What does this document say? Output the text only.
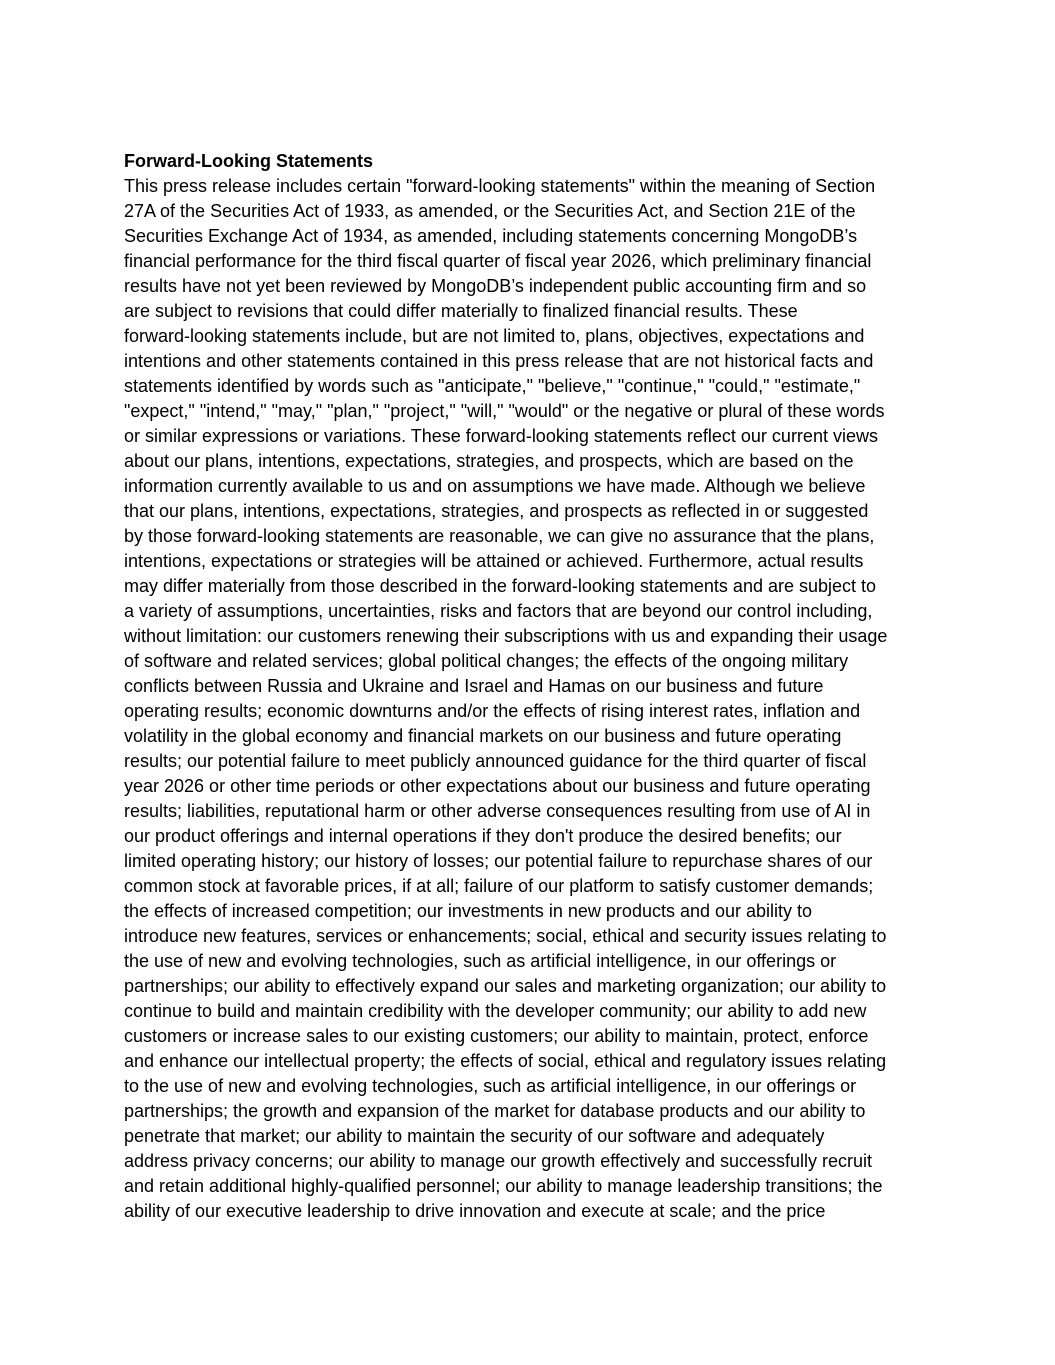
Forward-Looking Statements

This press release includes certain "forward-looking statements" within the meaning of Section
27A of the Securities Act of 1933, as amended, or the Securities Act, and Section 21E of the
Securities Exchange Act of 1934, as amended, including statements concerning MongoDB’s
financial performance for the third fiscal quarter of fiscal year 2026, which preliminary financial
results have not yet been reviewed by MongoDB’s independent public accounting firm and so
are subject to revisions that could differ materially to finalized financial results. These
forward-looking statements include, but are not limited to, plans, objectives, expectations and
intentions and other statements contained in this press release that are not historical facts and
statements identified by words such as "anticipate," "believe," "continue," "could," "estimate,"
"expect," "intend," "may," "plan," "project," "will," "would" or the negative or plural of these words
or similar expressions or variations. These forward-looking statements reflect our current views
about our plans, intentions, expectations, strategies, and prospects, which are based on the
information currently available to us and on assumptions we have made. Although we believe
that our plans, intentions, expectations, strategies, and prospects as reflected in or suggested
by those forward-looking statements are reasonable, we can give no assurance that the plans,
intentions, expectations or strategies will be attained or achieved. Furthermore, actual results
may differ materially from those described in the forward-looking statements and are subject to
a variety of assumptions, uncertainties, risks and factors that are beyond our control including,
without limitation: our customers renewing their subscriptions with us and expanding their usage
of software and related services; global political changes; the effects of the ongoing military
conflicts between Russia and Ukraine and Israel and Hamas on our business and future
operating results; economic downturns and/or the effects of rising interest rates, inflation and
volatility in the global economy and financial markets on our business and future operating
results; our potential failure to meet publicly announced guidance for the third quarter of fiscal
year 2026 or other time periods or other expectations about our business and future operating
results; liabilities, reputational harm or other adverse consequences resulting from use of AI in
our product offerings and internal operations if they don't produce the desired benefits; our
limited operating history; our history of losses; our potential failure to repurchase shares of our
common stock at favorable prices, if at all; failure of our platform to satisfy customer demands;
the effects of increased competition; our investments in new products and our ability to
introduce new features, services or enhancements; social, ethical and security issues relating to
the use of new and evolving technologies, such as artificial intelligence, in our offerings or
partnerships; our ability to effectively expand our sales and marketing organization; our ability to
continue to build and maintain credibility with the developer community; our ability to add new
customers or increase sales to our existing customers; our ability to maintain, protect, enforce
and enhance our intellectual property; the effects of social, ethical and regulatory issues relating
to the use of new and evolving technologies, such as artificial intelligence, in our offerings or
partnerships; the growth and expansion of the market for database products and our ability to
penetrate that market; our ability to maintain the security of our software and adequately
address privacy concerns; our ability to manage our growth effectively and successfully recruit
and retain additional highly-qualified personnel; our ability to manage leadership transitions; the
ability of our executive leadership to drive innovation and execute at scale; and the price
